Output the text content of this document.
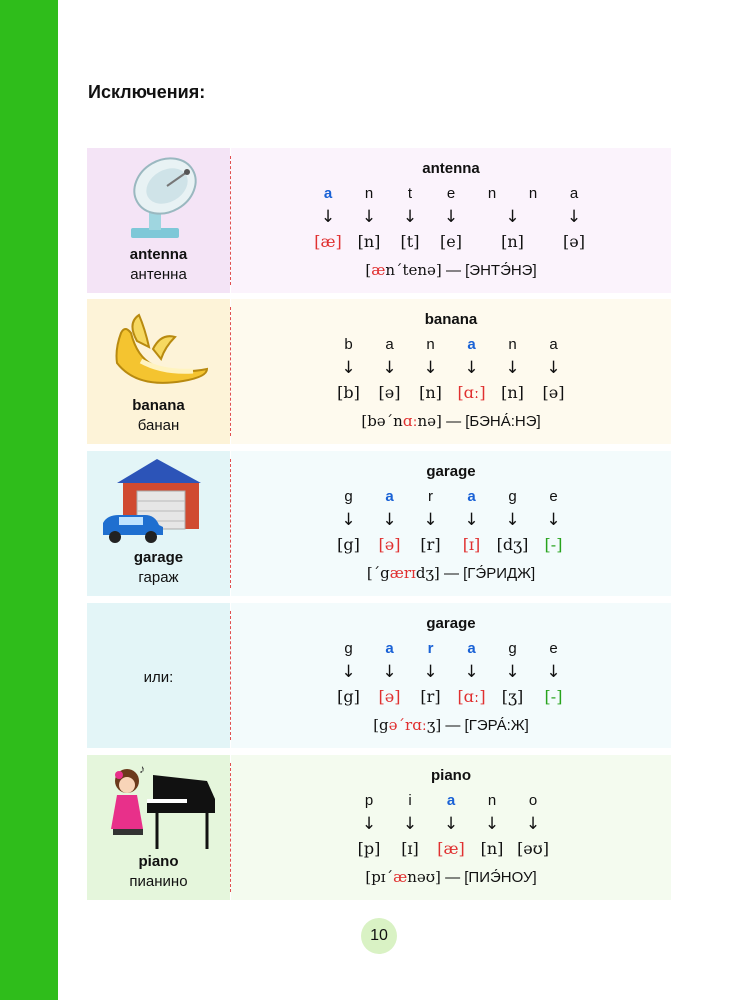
Исключения:
antenna
антенна
antenna
[æn´tenə] — [ЭНТЭ́НЭ]
a	n	t	e	n	n	a
↓	↓	↓	↓	↓	↓
[æ] [n]	[t]	[e]	[n]	[ə]
banana
банан
banana
[bə´nɑːnə] — [БЭНА́:НЭ]
b	a	n	a	n	a
↓	↓	↓	↓	↓	↓
[b]	[ə]	[n] [ɑː] [n]	[ə]
garage
гараж
garage
[´gærɪdʒ] — [ГЭ́РИДЖ]
g	a	r	a	g	e
↓	↓	↓	↓	↓	↓
[g]	[ə]	[r]	[ɪ]	[dʒ]	[-]
или:
garage
[gə´rɑːʒ] — [ГЭРА́:Ж]
g	a	r	a	g	e
↓	↓	↓	↓	↓	↓
[g]	[ə]	[r]	[ɑː]	[ʒ]	[-]
♪
piano
пианино
piano
[pɪ´ænəʊ] — [ПИЭ́НОУ]
p	i	a	n	o
↓	↓	↓	↓	↓
[p]	[ɪ]	[æ] [n] [əʊ]
10
